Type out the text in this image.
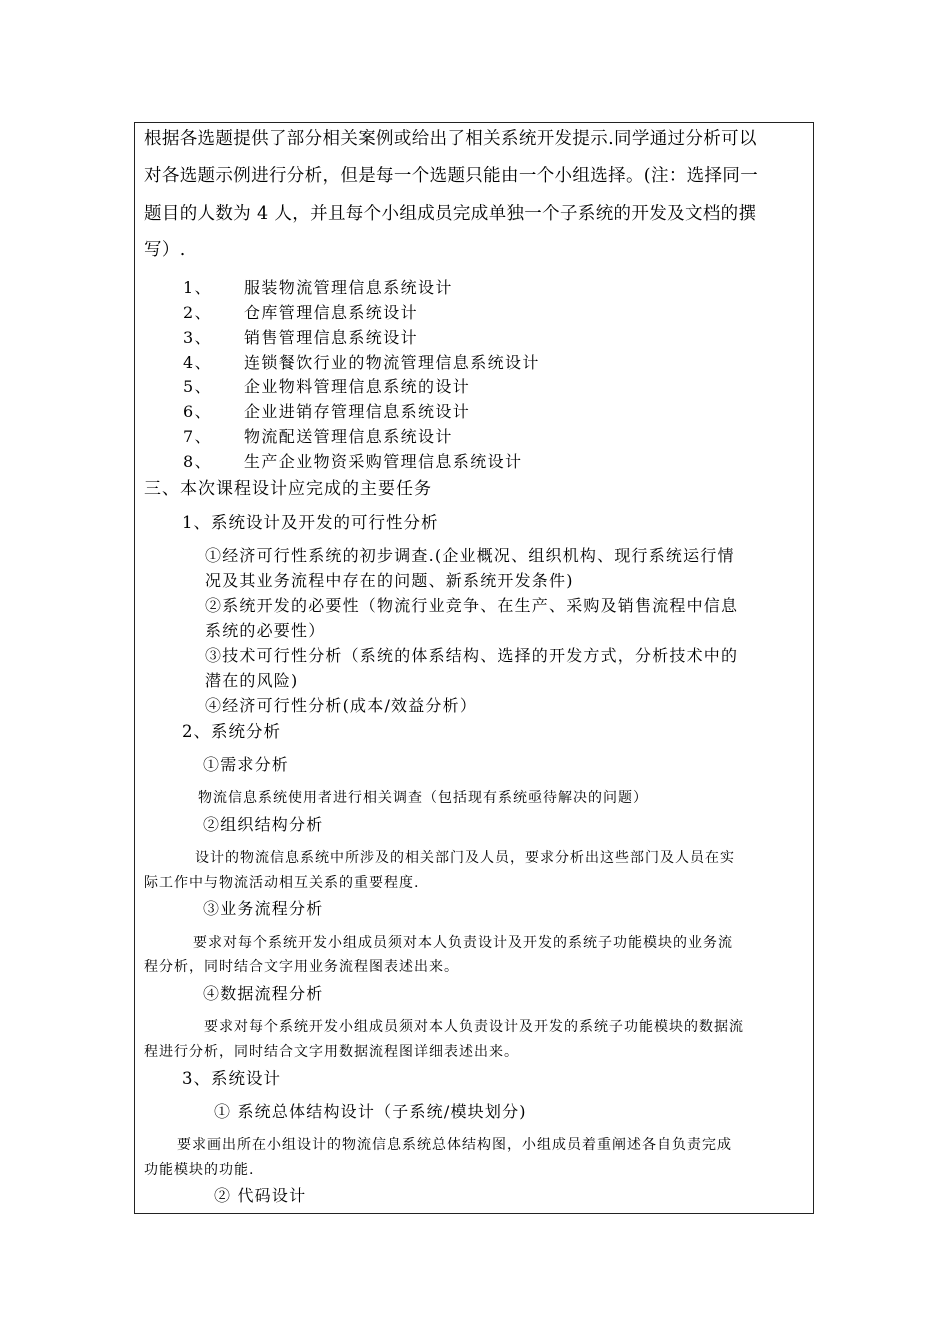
根据各选题提供了部分相关案例或给出了相关系统开发提示.同学通过分析可以
对各选题示例进行分析，但是每一个选题只能由一个小组选择。(注：选择同一
题目的人数为 4 人，并且每个小组成员完成单独一个子系统的开发及文档的撰
写）.
1、 服装物流管理信息系统设计
2、 仓库管理信息系统设计
3、 销售管理信息系统设计
4、 连锁餐饮行业的物流管理信息系统设计
5、 企业物料管理信息系统的设计
6、 企业进销存管理信息系统设计
7、 物流配送管理信息系统设计
8、 生产企业物资采购管理信息系统设计
三、本次课程设计应完成的主要任务
1、系统设计及开发的可行性分析
①经济可行性系统的初步调查.(企业概况、组织机构、现行系统运行情
况及其业务流程中存在的问题、新系统开发条件)
②系统开发的必要性（物流行业竞争、在生产、采购及销售流程中信息
系统的必要性）
③技术可行性分析（系统的体系结构、选择的开发方式，分析技术中的
潜在的风险)
④经济可行性分析(成本/效益分析）
2、系统分析
①需求分析
物流信息系统使用者进行相关调查（包括现有系统亟待解决的问题）
②组织结构分析
设计的物流信息系统中所涉及的相关部门及人员，要求分析出这些部门及人员在实
际工作中与物流活动相互关系的重要程度.
③业务流程分析
要求对每个系统开发小组成员须对本人负责设计及开发的系统子功能模块的业务流
程分析，同时结合文字用业务流程图表述出来。
④数据流程分析
要求对每个系统开发小组成员须对本人负责设计及开发的系统子功能模块的数据流
程进行分析，同时结合文字用数据流程图详细表述出来。
3、系统设计
① 系统总体结构设计（子系统/模块划分)
要求画出所在小组设计的物流信息系统总体结构图，小组成员着重阐述各自负责完成
功能模块的功能.
② 代码设计
